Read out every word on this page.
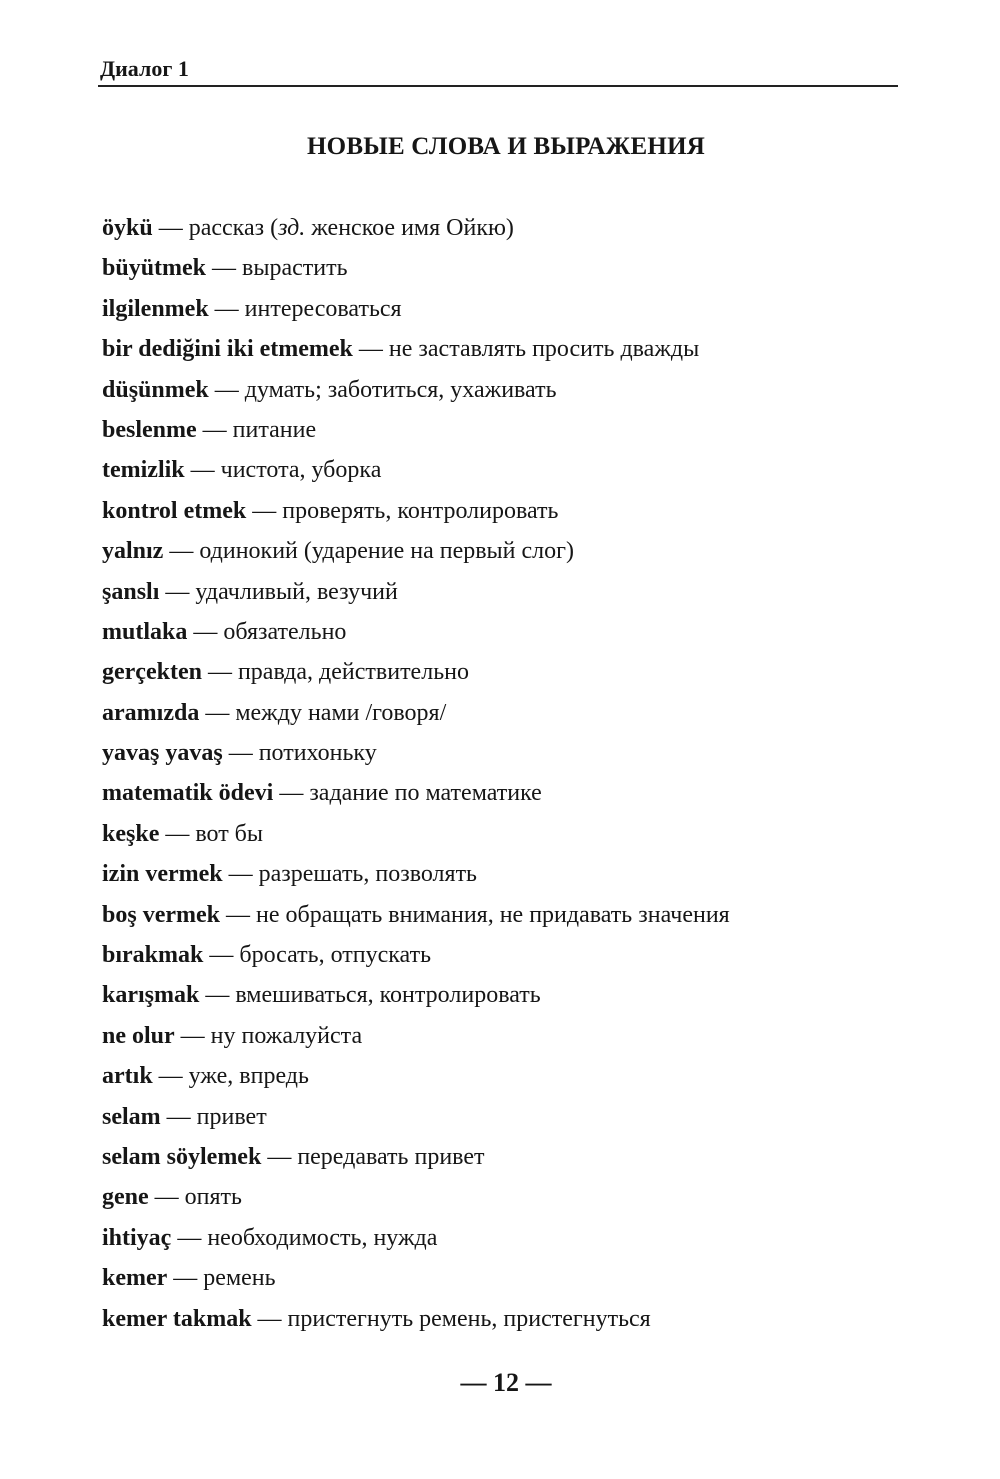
Диалог 1
НОВЫЕ СЛОВА И ВЫРАЖЕНИЯ
öykü — рассказ (зд. женское имя Ойкю)
büyütmek — вырастить
ilgilenmek — интересоваться
bir dediğini iki etmemek — не заставлять просить дважды
düşünmek — думать; заботиться, ухаживать
beslenme — питание
temizlik — чистота, уборка
kontrol etmek — проверять, контролировать
yalnız — одинокий (ударение на первый слог)
şanslı — удачливый, везучий
mutlaka — обязательно
gerçekten — правда, действительно
aramızda — между нами /говоря/
yavaş yavaş — потихоньку
matematik ödevi — задание по математике
keşke — вот бы
izin vermek — разрешать, позволять
boş vermek — не обращать внимания, не придавать значения
bırakmak — бросать, отпускать
karışmak — вмешиваться, контролировать
ne olur — ну пожалуйста
artık — уже, впредь
selam — привет
selam söylemek — передавать привет
gene — опять
ihtiyaç — необходимость, нужда
kemer — ремень
kemer takmak — пристегнуть ремень, пристегнуться
— 12 —
